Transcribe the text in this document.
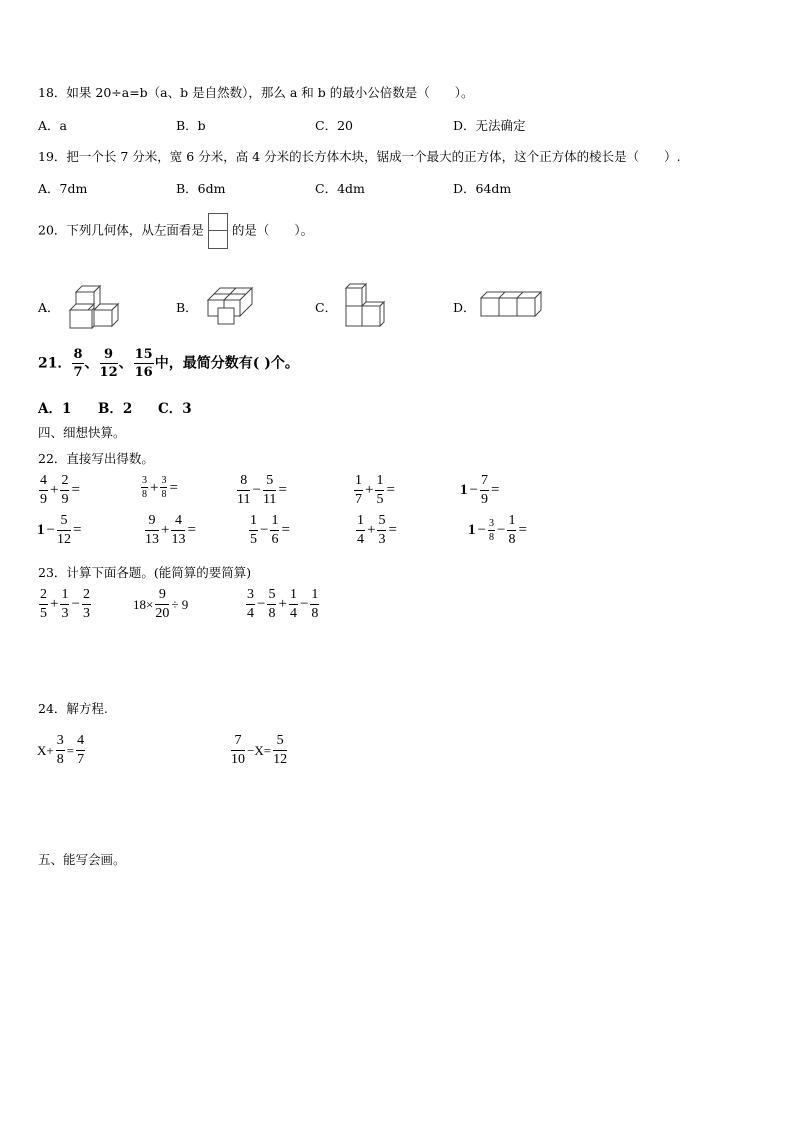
18．如果 20÷a=b（a、b 是自然数），那么 a 和 b 的最小公倍数是（　　）。
A．a	B．b	C．20	D．无法确定
19．把一个长 7 分米，宽 6 分米，高 4 分米的长方体木块，锯成一个最大的正方体，这个正方体的棱长是（　　）.
A．7dm	B．6dm	C．4dm	D．64dm
20．下列几何体，从左面看是 的是（　　）。
A．	B．	C．	D．
21． $\frac{8}{7}$ 、 $\frac{9}{12}$ 、 $\frac{15}{16}$ 中，最简分数有( )个。
A．1 B．2 C．3
四、细想快算。
22．直接写出得数。
$\frac{4}{9} + \frac{2}{9}$ =	$\frac{3}{8} + \frac{3}{8}$ =	$\frac{8}{11} - \frac{5}{11}$ =	$\frac{1}{7} + \frac{1}{5}$ =	$1 - \frac{7}{9}$ =
$1 - \frac{5}{12}$ =	$\frac{9}{13} + \frac{4}{13}$ =	$\frac{1}{5} - \frac{1}{6}$ =	$\frac{1}{4} + \frac{5}{3}$ =	$1 - \frac{3}{8} - \frac{1}{8}$ =
23．计算下面各题。(能简算的要简算)
$\frac{2}{5} + \frac{1}{3} - \frac{2}{3}$	$18\times \frac{9}{20} \div 9$	$\frac{3}{4} - \frac{5}{8} + \frac{1}{4} - \frac{1}{8}$
24．解方程.
$X+ \frac{3}{8} = \frac{4}{7}$	$\frac{7}{10} -X= \frac{5}{12}$
五、能写会画。
